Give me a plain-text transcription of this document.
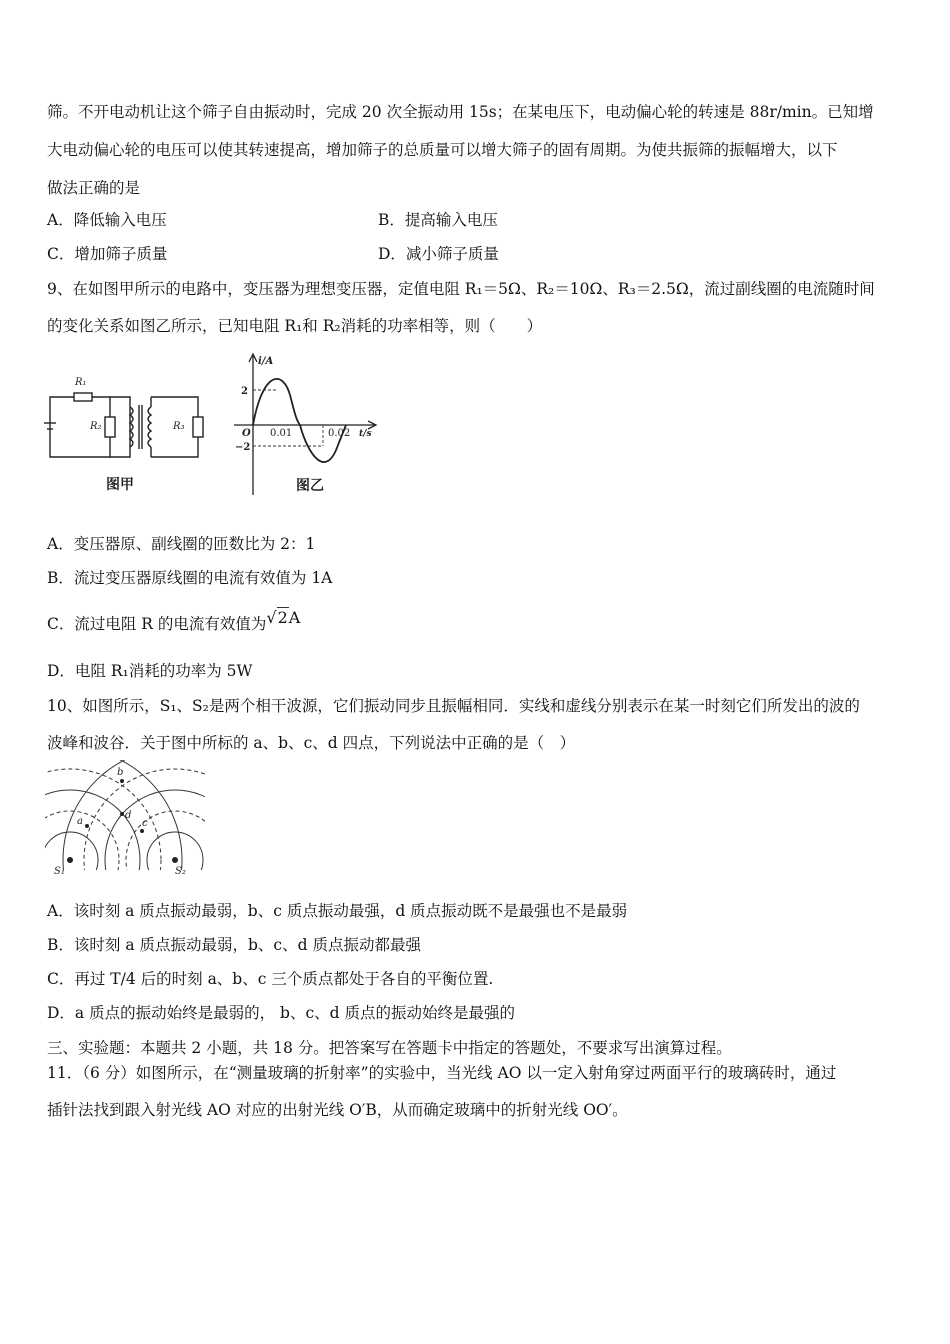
筛。不开电动机让这个筛子自由振动时，完成 20 次全振动用 15s；在某电压下，电动偏心轮的转速是 88r/min。已知增
大电动偏心轮的电压可以使其转速提高，增加筛子的总质量可以增大筛子的固有周期。为使共振筛的振幅增大，以下
做法正确的是
A．降低输入电压	B．提高输入电压
C．增加筛子质量	D．减小筛子质量
9、在如图甲所示的电路中，变压器为理想变压器，定值电阻 R₁＝5Ω、R₂＝10Ω、R₃＝2.5Ω，流过副线圈的电流随时间
的变化关系如图乙所示，已知电阻 R₁和 R₂消耗的功率相等，则（　　）
R₁
R₂	R₃
图甲
i/A
2
−2
O 0.01	0.02 t/s
图乙
A．变压器原、副线圈的匝数比为 2：1
B．流过变压器原线圈的电流有效值为 1A
C．流过电阻 R 的电流有效值为√2A
D．电阻 R₁消耗的功率为 5W
10、如图所示，S₁、S₂是两个相干波源，它们振动同步且振幅相同．实线和虚线分别表示在某一时刻它们所发出的波的
波峰和波谷．关于图中所标的 a、b、c、d 四点，下列说法中正确的是（　）
a
b
c
d
S₁	S₂
A．该时刻 a 质点振动最弱，b、c 质点振动最强，d 质点振动既不是最强也不是最弱
B．该时刻 a 质点振动最弱，b、c、d 质点振动都最强
C．再过 T/4 后的时刻 a、b、c 三个质点都处于各自的平衡位置.
D．a 质点的振动始终是最弱的， b、c、d 质点的振动始终是最强的
三、实验题：本题共 2 小题，共 18 分。把答案写在答题卡中指定的答题处，不要求写出演算过程。
11．（6 分）如图所示，在“测量玻璃的折射率”的实验中，当光线 AO 以一定入射角穿过两面平行的玻璃砖时，通过
插针法找到跟入射光线 AO 对应的出射光线 O′B，从而确定玻璃中的折射光线 OO′。
